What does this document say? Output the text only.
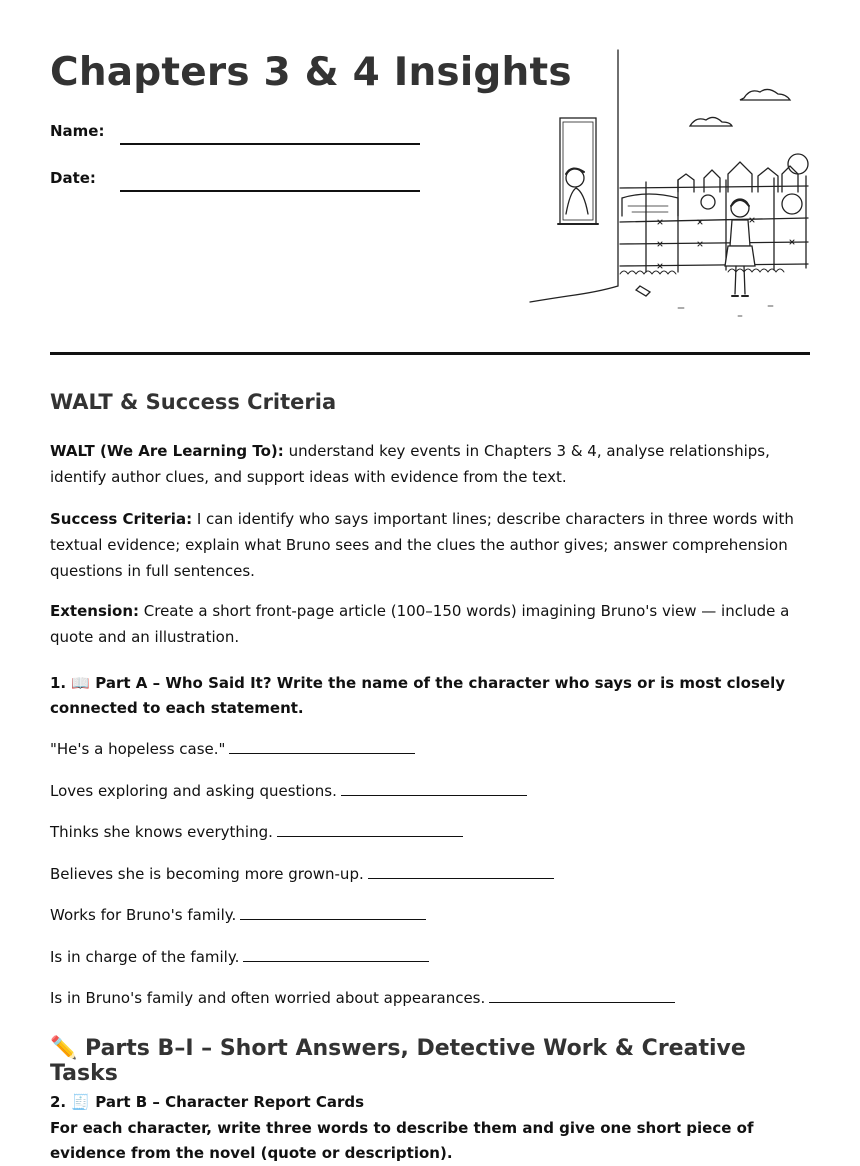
Chapters 3 & 4 Insights
Name:
Date:
WALT & Success Criteria

WALT (We Are Learning To): understand key events in Chapters 3 & 4, analyse relationships, identify author clues, and support ideas with evidence from the text.

Success Criteria: I can identify who says important lines; describe characters in three words with textual evidence; explain what Bruno sees and the clues the author gives; answer comprehension questions in full sentences.

Extension: Create a short front-page article (100–150 words) imagining Bruno's view — include a quote and an illustration.

1. 📖 Part A – Who Said It? Write the name of the character who says or is most closely connected to each statement.

"He's a hopeless case."
Loves exploring and asking questions.
Thinks she knows everything.
Believes she is becoming more grown-up.
Works for Bruno's family.
Is in charge of the family.
Is in Bruno's family and often worried about appearances.
✏️ Parts B–I – Short Answers, Detective Work & Creative Tasks

2. 🧾 Part B – Character Report Cards

For each character, write three words to describe them and give one short piece of evidence from the novel (quote or description).
